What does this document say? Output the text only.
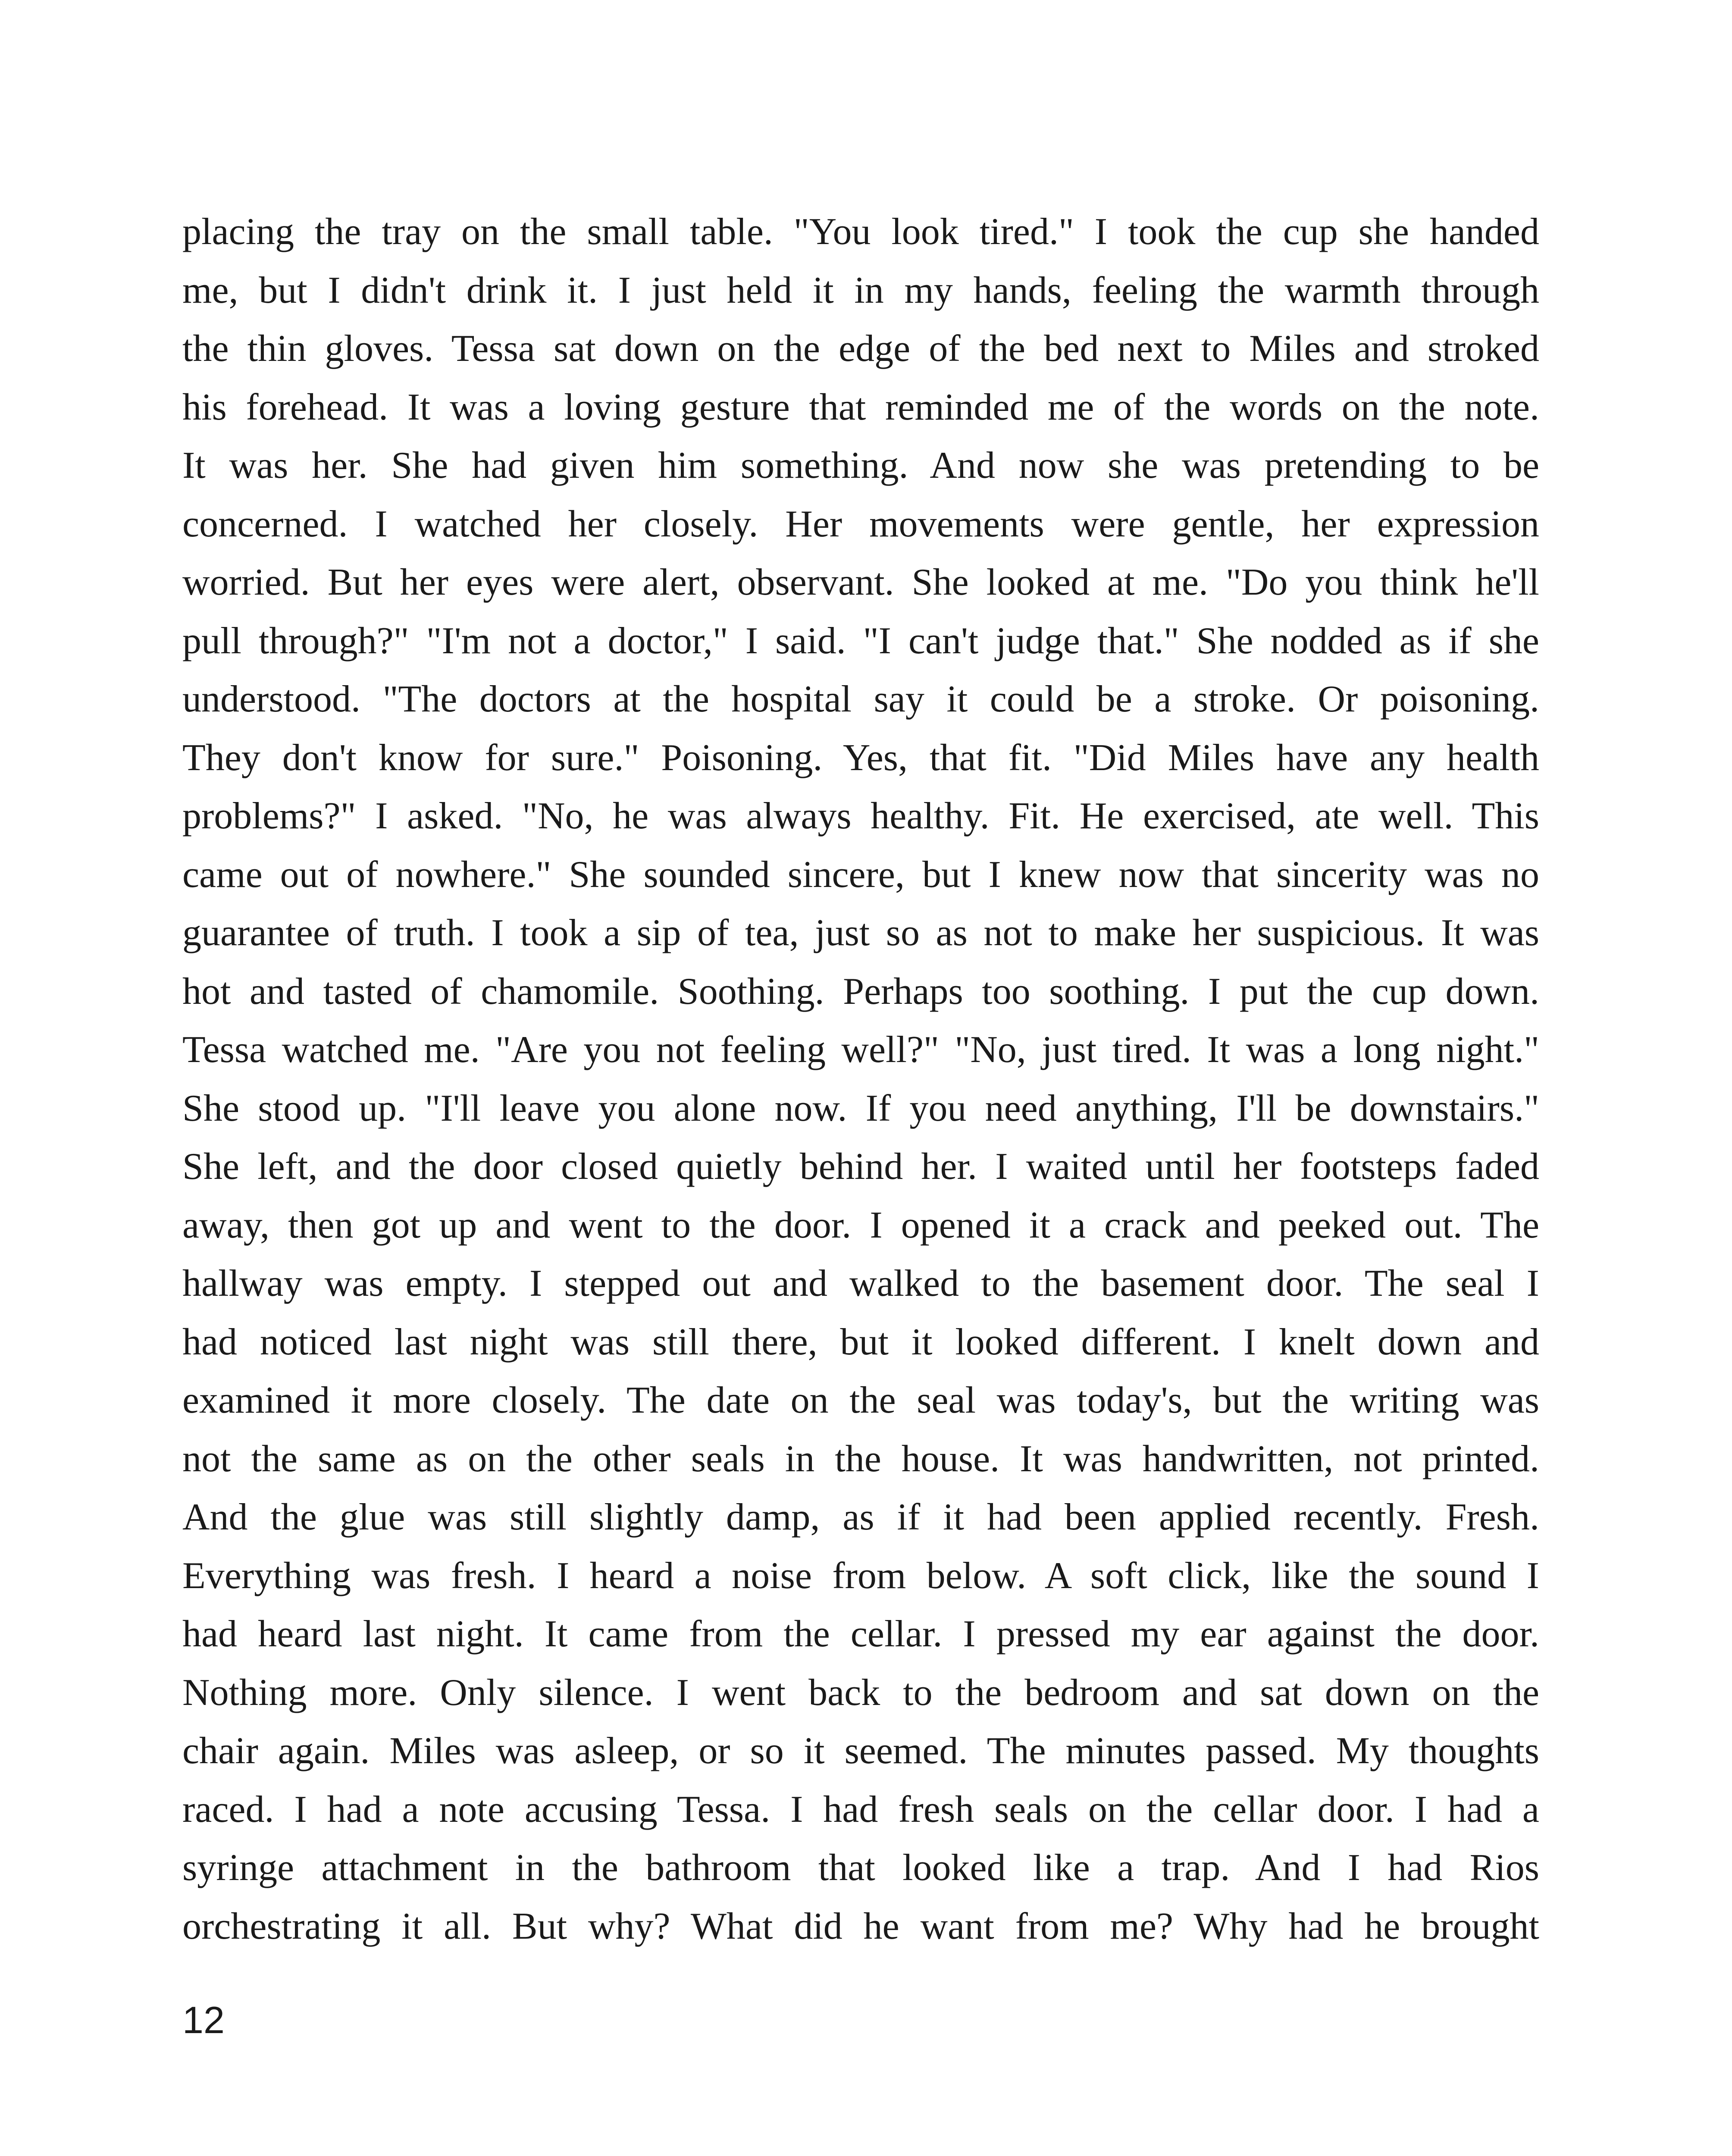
placing the tray on the small table. "You look tired." I took the cup she handed
me, but I didn't drink it. I just held it in my hands, feeling the warmth through
the thin gloves. Tessa sat down on the edge of the bed next to Miles and stroked
his forehead. It was a loving gesture that reminded me of the words on the note.
It was her. She had given him something. And now she was pretending to be
concerned. I watched her closely. Her movements were gentle, her expression
worried. But her eyes were alert, observant. She looked at me. "Do you think he'll
pull through?" "I'm not a doctor," I said. "I can't judge that." She nodded as if she
understood. "The doctors at the hospital say it could be a stroke. Or poisoning.
They don't know for sure." Poisoning. Yes, that fit. "Did Miles have any health
problems?" I asked. "No, he was always healthy. Fit. He exercised, ate well. This
came out of nowhere." She sounded sincere, but I knew now that sincerity was no
guarantee of truth. I took a sip of tea, just so as not to make her suspicious. It was
hot and tasted of chamomile. Soothing. Perhaps too soothing. I put the cup down.
Tessa watched me. "Are you not feeling well?" "No, just tired. It was a long night."
She stood up. "I'll leave you alone now. If you need anything, I'll be downstairs."
She left, and the door closed quietly behind her. I waited until her footsteps faded
away, then got up and went to the door. I opened it a crack and peeked out. The
hallway was empty. I stepped out and walked to the basement door. The seal I
had noticed last night was still there, but it looked different. I knelt down and
examined it more closely. The date on the seal was today's, but the writing was
not the same as on the other seals in the house. It was handwritten, not printed.
And the glue was still slightly damp, as if it had been applied recently. Fresh.
Everything was fresh. I heard a noise from below. A soft click, like the sound I
had heard last night. It came from the cellar. I pressed my ear against the door.
Nothing more. Only silence. I went back to the bedroom and sat down on the
chair again. Miles was asleep, or so it seemed. The minutes passed. My thoughts
raced. I had a note accusing Tessa. I had fresh seals on the cellar door. I had a
syringe attachment in the bathroom that looked like a trap. And I had Rios
orchestrating it all. But why? What did he want from me? Why had he brought
12
